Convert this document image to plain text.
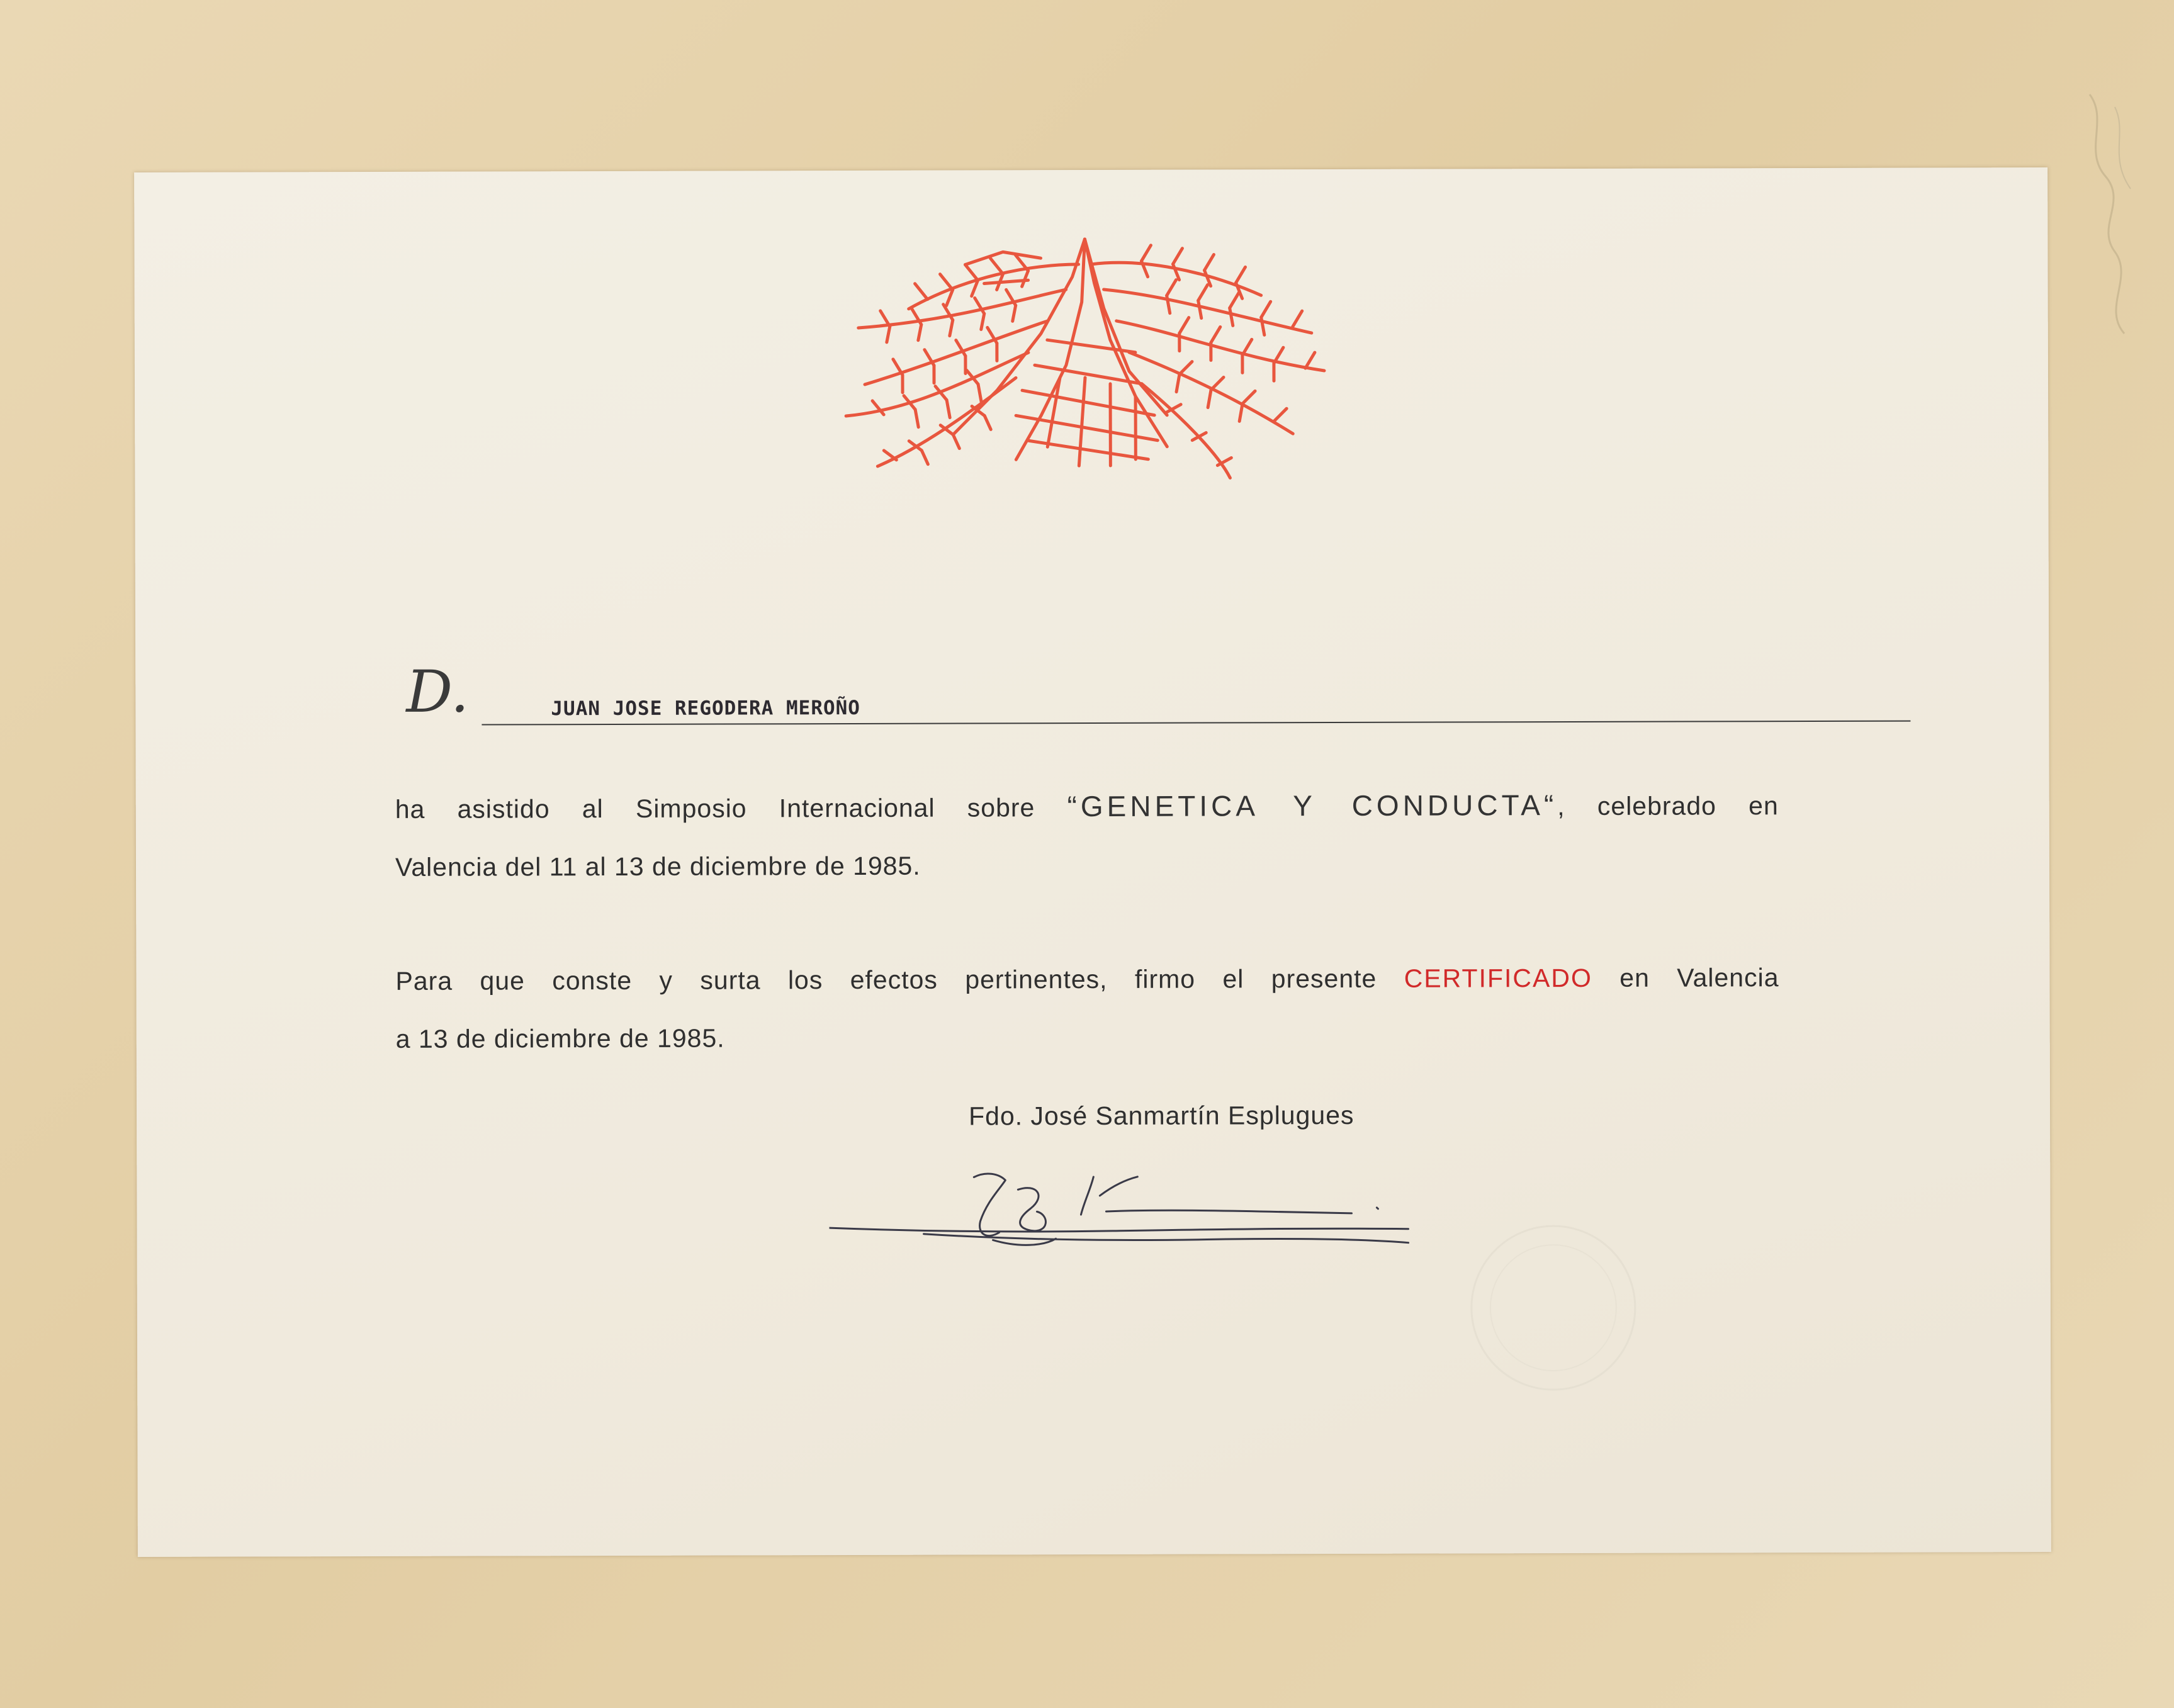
D.	JUAN JOSE REGODERA MEROÑO
ha asistido al Simposio Internacional sobre “GENETICA Y CONDUCTA“, celebrado en
Valencia del 11 al 13 de diciembre de 1985.
Para que conste y surta los efectos pertinentes, firmo el presente CERTIFICADO en Valencia
a 13 de diciembre de 1985.
Fdo. José Sanmartín Esplugues
